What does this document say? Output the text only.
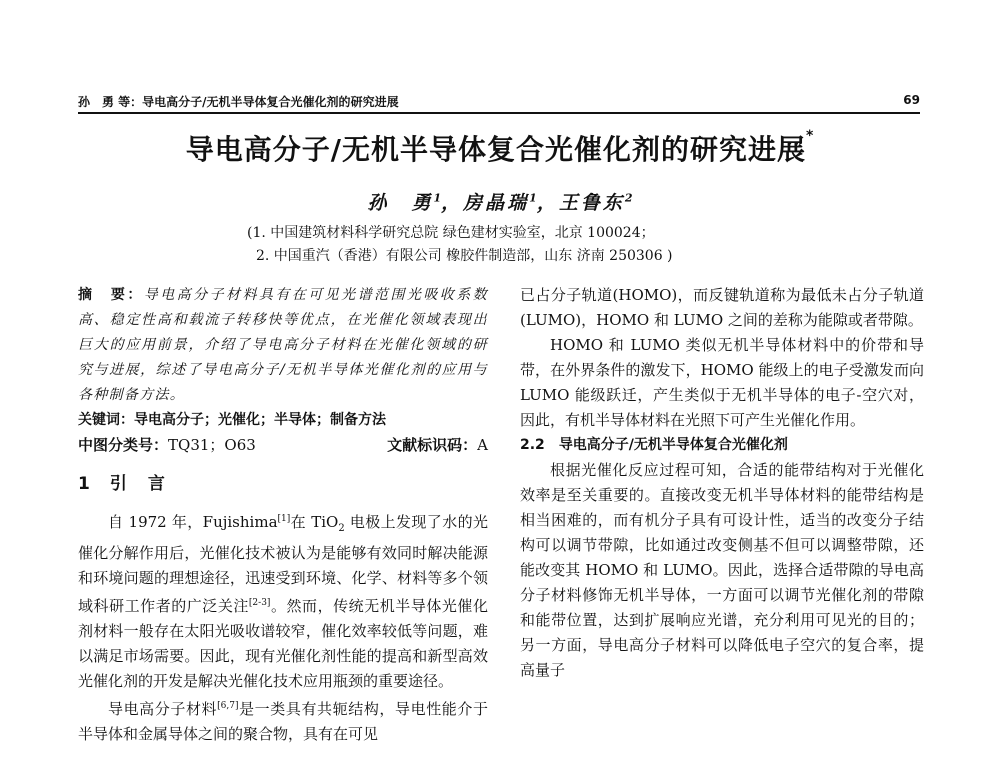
孙　勇 等：导电高分子/无机半导体复合光催化剂的研究进展	69
导电高分子/无机半导体复合光催化剂的研究进展*
孙　勇$^1$，房晶瑞$^1$，王鲁东$^2$
(1. 中国建筑材料科学研究总院 绿色建材实验室，北京 100024；
2. 中国重汽（香港）有限公司 橡胶件制造部，山东 济南 250306 )

摘　要：导电高分子材料具有在可见光谱范围光吸收系数高、稳定性高和载流子转移快等优点，在光催化领域表现出巨大的应用前景，介绍了导电高分子材料在光催化领域的研究与进展，综述了导电高分子/无机半导体光催化剂的应用与各种制备方法。

关键词：导电高分子；光催化；半导体；制备方法

中图分类号：TQ31；O63	文献标识码：A

1 引　言

自 1972 年，Fujishima[1]在 TiO$_2$ 电极上发现了水的光催化分解作用后，光催化技术被认为是能够有效同时解决能源和环境问题的理想途径，迅速受到环境、化学、材料等多个领域科研工作者的广泛关注[2-3]。然而，传统无机半导体光催化剂材料一般存在太阳光吸收谱较窄，催化效率较低等问题，难以满足市场需要。因此，现有光催化剂性能的提高和新型高效光催化剂的开发是解决光催化技术应用瓶颈的重要途径。

导电高分子材料[6,7]是一类具有共轭结构，导电性能介于半导体和金属导体之间的聚合物，具有在可见

已占分子轨道(HOMO)，而反键轨道称为最低未占分子轨道(LUMO)，HOMO 和 LUMO 之间的差称为能隙或者带隙。

HOMO 和 LUMO 类似无机半导体材料中的价带和导带，在外界条件的激发下，HOMO 能级上的电子受激发而向 LUMO 能级跃迁，产生类似于无机半导体的电子-空穴对，因此，有机半导体材料在光照下可产生光催化作用。

2.2　 导电高分子/无机半导体复合光催化剂

根据光催化反应过程可知，合适的能带结构对于光催化效率是至关重要的。直接改变无机半导体材料的能带结构是相当困难的，而有机分子具有可设计性，适当的改变分子结构可以调节带隙，比如通过改变侧基不但可以调整带隙，还能改变其 HOMO 和 LUMO。因此，选择合适带隙的导电高分子材料修饰无机半导体，一方面可以调节光催化剂的带隙和能带位置，达到扩展响应光谱，充分利用可见光的目的；另一方面，导电高分子材料可以降低电子空穴的复合率，提高量子
